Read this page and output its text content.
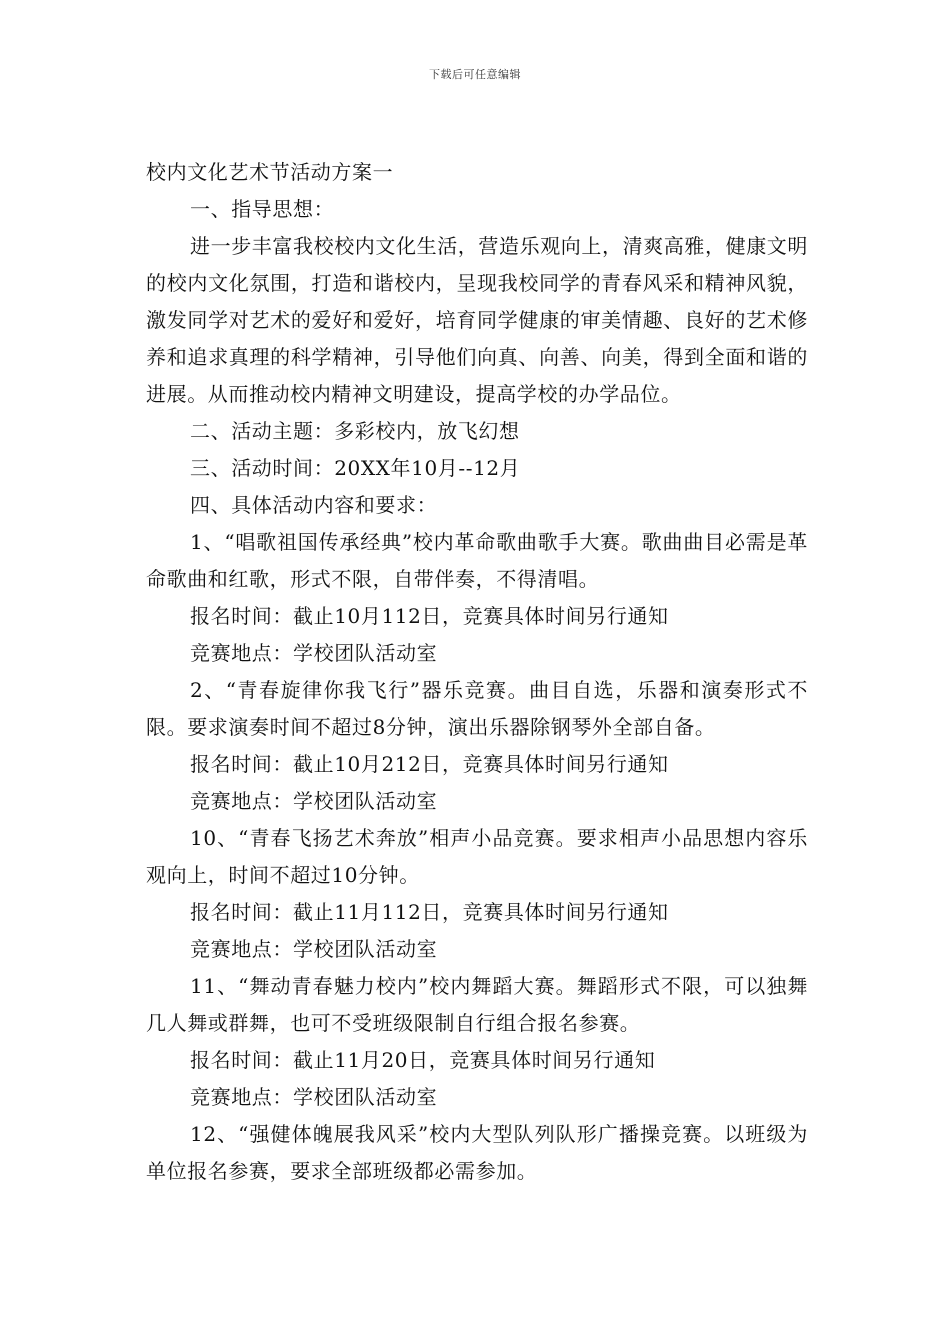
下载后可任意编辑

校内文化艺术节活动方案一

一、指导思想：

进一步丰富我校校内文化生活，营造乐观向上，清爽高雅，健康文明的校内文化氛围，打造和谐校内，呈现我校同学的青春风采和精神风貌，激发同学对艺术的爱好和爱好，培育同学健康的审美情趣、良好的艺术修养和追求真理的科学精神，引导他们向真、向善、向美，得到全面和谐的进展。从而推动校内精神文明建设，提高学校的办学品位。

二、活动主题：多彩校内，放飞幻想

三、活动时间：20XX年10月--12月

四、具体活动内容和要求：

1、“唱歌祖国传承经典”校内革命歌曲歌手大赛。歌曲曲目必需是革命歌曲和红歌，形式不限，自带伴奏，不得清唱。

报名时间：截止10月112日，竞赛具体时间另行通知

竞赛地点：学校团队活动室

2、“青春旋律你我飞行”器乐竞赛。曲目自选，乐器和演奏形式不限。要求演奏时间不超过8分钟，演出乐器除钢琴外全部自备。

报名时间：截止10月212日，竞赛具体时间另行通知

竞赛地点：学校团队活动室

10、“青春飞扬艺术奔放”相声小品竞赛。要求相声小品思想内容乐观向上，时间不超过10分钟。

报名时间：截止11月112日，竞赛具体时间另行通知

竞赛地点：学校团队活动室

11、“舞动青春魅力校内”校内舞蹈大赛。舞蹈形式不限，可以独舞几人舞或群舞，也可不受班级限制自行组合报名参赛。

报名时间：截止11月20日，竞赛具体时间另行通知

竞赛地点：学校团队活动室

12、“强健体魄展我风采”校内大型队列队形广播操竞赛。以班级为单位报名参赛，要求全部班级都必需参加。
